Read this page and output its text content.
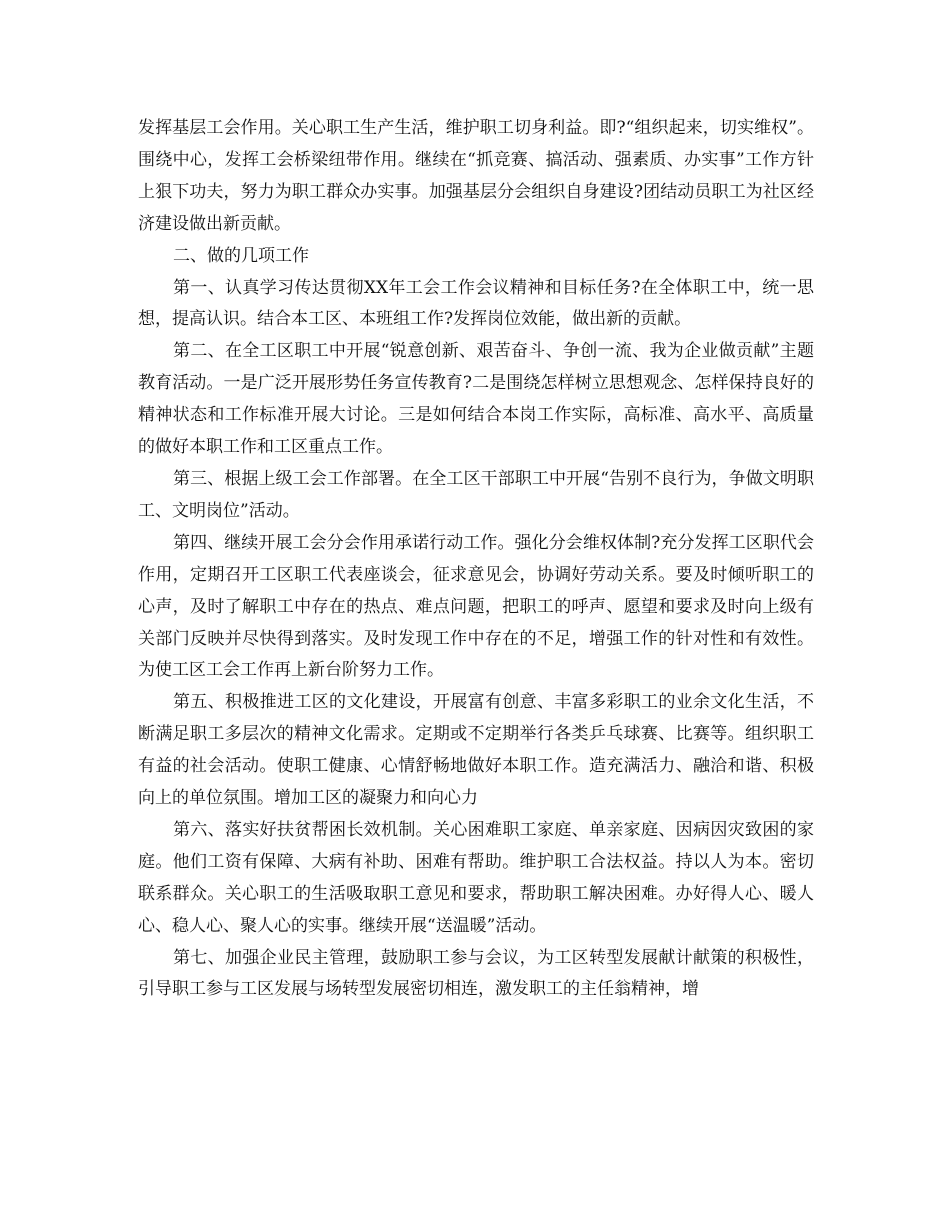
发挥基层工会作用。关心职工生产生活，维护职工切身利益。即?“组织起来，切实维权”。围绕中心，发挥工会桥梁纽带作用。继续在“抓竞赛、搞活动、强素质、办实事”工作方针上狠下功夫，努力为职工群众办实事。加强基层分会组织自身建设?团结动员职工为社区经济建设做出新贡献。

二、做的几项工作

第一、认真学习传达贯彻XX年工会工作会议精神和目标任务?在全体职工中，统一思想，提高认识。结合本工区、本班组工作?发挥岗位效能，做出新的贡献。

第二、在全工区职工中开展“锐意创新、艰苦奋斗、争创一流、我为企业做贡献”主题教育活动。一是广泛开展形势任务宣传教育?二是围绕怎样树立思想观念、怎样保持良好的精神状态和工作标准开展大讨论。三是如何结合本岗工作实际，高标准、高水平、高质量的做好本职工作和工区重点工作。

第三、根据上级工会工作部署。在全工区干部职工中开展“告别不良行为，争做文明职工、文明岗位”活动。

第四、继续开展工会分会作用承诺行动工作。强化分会维权体制?充分发挥工区职代会作用，定期召开工区职工代表座谈会，征求意见会，协调好劳动关系。要及时倾听职工的心声，及时了解职工中存在的热点、难点问题，把职工的呼声、愿望和要求及时向上级有关部门反映并尽快得到落实。及时发现工作中存在的不足，增强工作的针对性和有效性。为使工区工会工作再上新台阶努力工作。

第五、积极推进工区的文化建设，开展富有创意、丰富多彩职工的业余文化生活，不断满足职工多层次的精神文化需求。定期或不定期举行各类乒乓球赛、比赛等。组织职工有益的社会活动。使职工健康、心情舒畅地做好本职工作。造充满活力、融洽和谐、积极向上的单位氛围。增加工区的凝聚力和向心力

第六、落实好扶贫帮困长效机制。关心困难职工家庭、单亲家庭、因病因灾致困的家庭。他们工资有保障、大病有补助、困难有帮助。维护职工合法权益。持以人为本。密切联系群众。关心职工的生活吸取职工意见和要求，帮助职工解决困难。办好得人心、暖人心、稳人心、聚人心的实事。继续开展“送温暖”活动。

第七、加强企业民主管理，鼓励职工参与会议，为工区转型发展献计献策的积极性，引导职工参与工区发展与场转型发展密切相连，激发职工的主任翁精神，增
